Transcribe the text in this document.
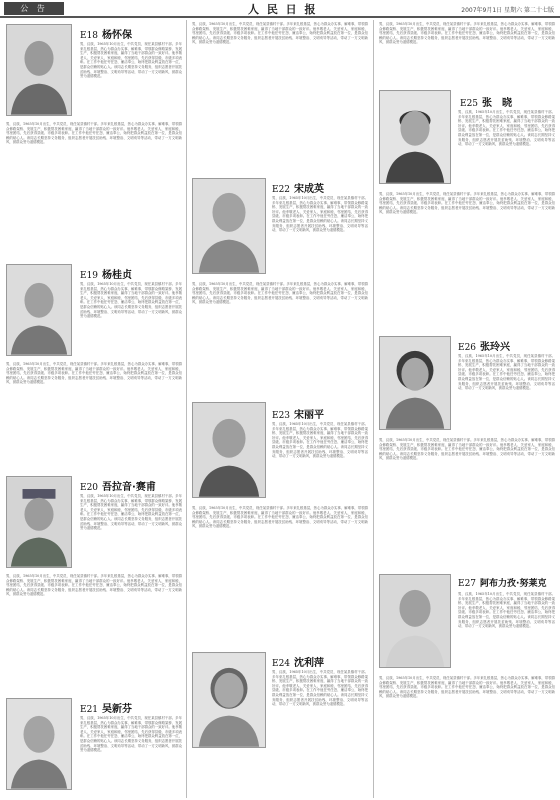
公 告	人 民 日 报	2007年9月1日 星期六 第二十七版
E18 杨怀保
男，汉族，1965年10月出生，中共党员，现任某县镇村干部。多年来扎根基层，热心为群众办实事、解难事，带领群众修路架桥、发展生产，积极帮扶困难家庭，赢得了当地干部群众的一致好评。他孝敬老人、关爱家人，家庭和睦，邻里团结，先后获得县级、市级多项表彰。在工作中他任劳任怨、廉洁奉公，始终把群众利益放在第一位，是群众信赖的贴心人。该同志长期坚持义务服务，组织志愿者开展扶贫助残、环境整治、文明劝导等活动，带动了一方文明新风，被群众誉为道德模范。
男，汉族，1965年10月出生，中共党员，现任某县镇村干部。多年来扎根基层，热心为群众办实事、解难事，带领群众修路架桥、发展生产，积极帮扶困难家庭，赢得了当地干部群众的一致好评。他孝敬老人、关爱家人，家庭和睦，邻里团结，先后获得县级、市级多项表彰。在工作中他任劳任怨、廉洁奉公，始终把群众利益放在第一位，是群众信赖的贴心人。该同志长期坚持义务服务，组织志愿者开展扶贫助残、环境整治、文明劝导等活动，带动了一方文明新风，被群众誉为道德模范。
E19 杨桂贞
男，汉族，1965年10月出生，中共党员，现任某县镇村干部。多年来扎根基层，热心为群众办实事、解难事，带领群众修路架桥、发展生产，积极帮扶困难家庭，赢得了当地干部群众的一致好评。他孝敬老人、关爱家人，家庭和睦，邻里团结，先后获得县级、市级多项表彰。在工作中他任劳任怨、廉洁奉公，始终把群众利益放在第一位，是群众信赖的贴心人。该同志长期坚持义务服务，组织志愿者开展扶贫助残、环境整治、文明劝导等活动，带动了一方文明新风，被群众誉为道德模范。
男，汉族，1965年10月出生，中共党员，现任某县镇村干部。多年来扎根基层，热心为群众办实事、解难事，带领群众修路架桥、发展生产，积极帮扶困难家庭，赢得了当地干部群众的一致好评。他孝敬老人、关爱家人，家庭和睦，邻里团结，先后获得县级、市级多项表彰。在工作中他任劳任怨、廉洁奉公，始终把群众利益放在第一位，是群众信赖的贴心人。该同志长期坚持义务服务，组织志愿者开展扶贫助残、环境整治、文明劝导等活动，带动了一方文明新风，被群众誉为道德模范。
E20 吾拉音·赛甫
男，汉族，1965年10月出生，中共党员，现任某县镇村干部。多年来扎根基层，热心为群众办实事、解难事，带领群众修路架桥、发展生产，积极帮扶困难家庭，赢得了当地干部群众的一致好评。他孝敬老人、关爱家人，家庭和睦，邻里团结，先后获得县级、市级多项表彰。在工作中他任劳任怨、廉洁奉公，始终把群众利益放在第一位，是群众信赖的贴心人。该同志长期坚持义务服务，组织志愿者开展扶贫助残、环境整治、文明劝导等活动，带动了一方文明新风，被群众誉为道德模范。
男，汉族，1965年10月出生，中共党员，现任某县镇村干部。多年来扎根基层，热心为群众办实事、解难事，带领群众修路架桥、发展生产，积极帮扶困难家庭，赢得了当地干部群众的一致好评。他孝敬老人、关爱家人，家庭和睦，邻里团结，先后获得县级、市级多项表彰。在工作中他任劳任怨、廉洁奉公，始终把群众利益放在第一位，是群众信赖的贴心人。该同志长期坚持义务服务，组织志愿者开展扶贫助残、环境整治、文明劝导等活动，带动了一方文明新风，被群众誉为道德模范。
E21 吴新芬
男，汉族，1965年10月出生，中共党员，现任某县镇村干部。多年来扎根基层，热心为群众办实事、解难事，带领群众修路架桥、发展生产，积极帮扶困难家庭，赢得了当地干部群众的一致好评。他孝敬老人、关爱家人，家庭和睦，邻里团结，先后获得县级、市级多项表彰。在工作中他任劳任怨、廉洁奉公，始终把群众利益放在第一位，是群众信赖的贴心人。该同志长期坚持义务服务，组织志愿者开展扶贫助残、环境整治、文明劝导等活动，带动了一方文明新风，被群众誉为道德模范。
男，汉族，1965年10月出生，中共党员，现任某县镇村干部。多年来扎根基层，热心为群众办实事、解难事，带领群众修路架桥、发展生产，积极帮扶困难家庭，赢得了当地干部群众的一致好评。他孝敬老人、关爱家人，家庭和睦，邻里团结，先后获得县级、市级多项表彰。在工作中他任劳任怨、廉洁奉公，始终把群众利益放在第一位，是群众信赖的贴心人。该同志长期坚持义务服务，组织志愿者开展扶贫助残、环境整治、文明劝导等活动，带动了一方文明新风，被群众誉为道德模范。
E22 宋成英
男，汉族，1965年10月出生，中共党员，现任某县镇村干部。多年来扎根基层，热心为群众办实事、解难事，带领群众修路架桥、发展生产，积极帮扶困难家庭，赢得了当地干部群众的一致好评。他孝敬老人、关爱家人，家庭和睦，邻里团结，先后获得县级、市级多项表彰。在工作中他任劳任怨、廉洁奉公，始终把群众利益放在第一位，是群众信赖的贴心人。该同志长期坚持义务服务，组织志愿者开展扶贫助残、环境整治、文明劝导等活动，带动了一方文明新风，被群众誉为道德模范。
男，汉族，1965年10月出生，中共党员，现任某县镇村干部。多年来扎根基层，热心为群众办实事、解难事，带领群众修路架桥、发展生产，积极帮扶困难家庭，赢得了当地干部群众的一致好评。他孝敬老人、关爱家人，家庭和睦，邻里团结，先后获得县级、市级多项表彰。在工作中他任劳任怨、廉洁奉公，始终把群众利益放在第一位，是群众信赖的贴心人。该同志长期坚持义务服务，组织志愿者开展扶贫助残、环境整治、文明劝导等活动，带动了一方文明新风，被群众誉为道德模范。
E23 宋丽平
男，汉族，1965年10月出生，中共党员，现任某县镇村干部。多年来扎根基层，热心为群众办实事、解难事，带领群众修路架桥、发展生产，积极帮扶困难家庭，赢得了当地干部群众的一致好评。他孝敬老人、关爱家人，家庭和睦，邻里团结，先后获得县级、市级多项表彰。在工作中他任劳任怨、廉洁奉公，始终把群众利益放在第一位，是群众信赖的贴心人。该同志长期坚持义务服务，组织志愿者开展扶贫助残、环境整治、文明劝导等活动，带动了一方文明新风，被群众誉为道德模范。
男，汉族，1965年10月出生，中共党员，现任某县镇村干部。多年来扎根基层，热心为群众办实事、解难事，带领群众修路架桥、发展生产，积极帮扶困难家庭，赢得了当地干部群众的一致好评。他孝敬老人、关爱家人，家庭和睦，邻里团结，先后获得县级、市级多项表彰。在工作中他任劳任怨、廉洁奉公，始终把群众利益放在第一位，是群众信赖的贴心人。该同志长期坚持义务服务，组织志愿者开展扶贫助残、环境整治、文明劝导等活动，带动了一方文明新风，被群众誉为道德模范。
E24 沈利萍
男，汉族，1965年10月出生，中共党员，现任某县镇村干部。多年来扎根基层，热心为群众办实事、解难事，带领群众修路架桥、发展生产，积极帮扶困难家庭，赢得了当地干部群众的一致好评。他孝敬老人、关爱家人，家庭和睦，邻里团结，先后获得县级、市级多项表彰。在工作中他任劳任怨、廉洁奉公，始终把群众利益放在第一位，是群众信赖的贴心人。该同志长期坚持义务服务，组织志愿者开展扶贫助残、环境整治、文明劝导等活动，带动了一方文明新风，被群众誉为道德模范。
男，汉族，1965年10月出生，中共党员，现任某县镇村干部。多年来扎根基层，热心为群众办实事、解难事，带领群众修路架桥、发展生产，积极帮扶困难家庭，赢得了当地干部群众的一致好评。他孝敬老人、关爱家人，家庭和睦，邻里团结，先后获得县级、市级多项表彰。在工作中他任劳任怨、廉洁奉公，始终把群众利益放在第一位，是群众信赖的贴心人。该同志长期坚持义务服务，组织志愿者开展扶贫助残、环境整治、文明劝导等活动，带动了一方文明新风，被群众誉为道德模范。
E25 张　晓
男，汉族，1965年10月出生，中共党员，现任某县镇村干部。多年来扎根基层，热心为群众办实事、解难事，带领群众修路架桥、发展生产，积极帮扶困难家庭，赢得了当地干部群众的一致好评。他孝敬老人、关爱家人，家庭和睦，邻里团结，先后获得县级、市级多项表彰。在工作中他任劳任怨、廉洁奉公，始终把群众利益放在第一位，是群众信赖的贴心人。该同志长期坚持义务服务，组织志愿者开展扶贫助残、环境整治、文明劝导等活动，带动了一方文明新风，被群众誉为道德模范。
男，汉族，1965年10月出生，中共党员，现任某县镇村干部。多年来扎根基层，热心为群众办实事、解难事，带领群众修路架桥、发展生产，积极帮扶困难家庭，赢得了当地干部群众的一致好评。他孝敬老人、关爱家人，家庭和睦，邻里团结，先后获得县级、市级多项表彰。在工作中他任劳任怨、廉洁奉公，始终把群众利益放在第一位，是群众信赖的贴心人。该同志长期坚持义务服务，组织志愿者开展扶贫助残、环境整治、文明劝导等活动，带动了一方文明新风，被群众誉为道德模范。
E26 张玲兴
男，汉族，1965年10月出生，中共党员，现任某县镇村干部。多年来扎根基层，热心为群众办实事、解难事，带领群众修路架桥、发展生产，积极帮扶困难家庭，赢得了当地干部群众的一致好评。他孝敬老人、关爱家人，家庭和睦，邻里团结，先后获得县级、市级多项表彰。在工作中他任劳任怨、廉洁奉公，始终把群众利益放在第一位，是群众信赖的贴心人。该同志长期坚持义务服务，组织志愿者开展扶贫助残、环境整治、文明劝导等活动，带动了一方文明新风，被群众誉为道德模范。
男，汉族，1965年10月出生，中共党员，现任某县镇村干部。多年来扎根基层，热心为群众办实事、解难事，带领群众修路架桥、发展生产，积极帮扶困难家庭，赢得了当地干部群众的一致好评。他孝敬老人、关爱家人，家庭和睦，邻里团结，先后获得县级、市级多项表彰。在工作中他任劳任怨、廉洁奉公，始终把群众利益放在第一位，是群众信赖的贴心人。该同志长期坚持义务服务，组织志愿者开展扶贫助残、环境整治、文明劝导等活动，带动了一方文明新风，被群众誉为道德模范。
E27 阿布力孜·努莱克
男，汉族，1965年10月出生，中共党员，现任某县镇村干部。多年来扎根基层，热心为群众办实事、解难事，带领群众修路架桥、发展生产，积极帮扶困难家庭，赢得了当地干部群众的一致好评。他孝敬老人、关爱家人，家庭和睦，邻里团结，先后获得县级、市级多项表彰。在工作中他任劳任怨、廉洁奉公，始终把群众利益放在第一位，是群众信赖的贴心人。该同志长期坚持义务服务，组织志愿者开展扶贫助残、环境整治、文明劝导等活动，带动了一方文明新风，被群众誉为道德模范。
男，汉族，1965年10月出生，中共党员，现任某县镇村干部。多年来扎根基层，热心为群众办实事、解难事，带领群众修路架桥、发展生产，积极帮扶困难家庭，赢得了当地干部群众的一致好评。他孝敬老人、关爱家人，家庭和睦，邻里团结，先后获得县级、市级多项表彰。在工作中他任劳任怨、廉洁奉公，始终把群众利益放在第一位，是群众信赖的贴心人。该同志长期坚持义务服务，组织志愿者开展扶贫助残、环境整治、文明劝导等活动，带动了一方文明新风，被群众誉为道德模范。
